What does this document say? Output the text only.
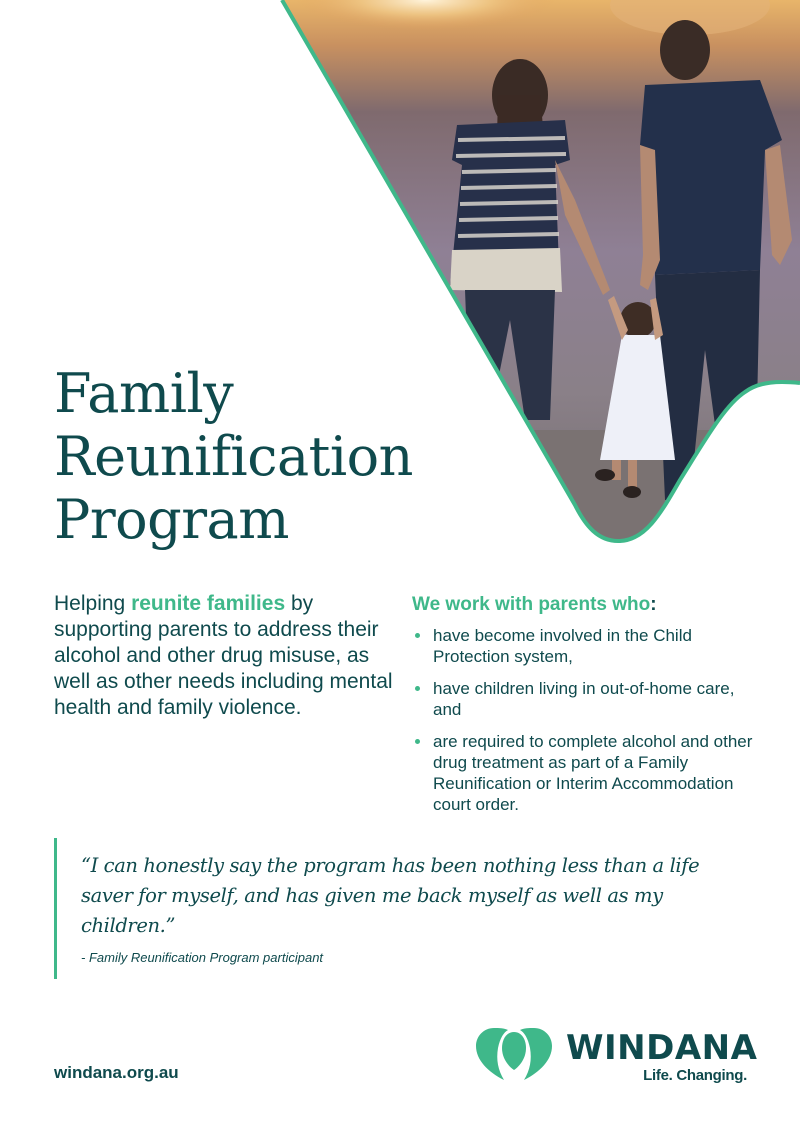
Family
Reunification
Program
Helping reunite families by supporting parents to address their alcohol and other drug misuse, as well as other needs including mental health and family violence.
We work with parents who:
have become involved in the Child Protection system,
have children living in out-of-home care, and
are required to complete alcohol and other drug treatment as part of a Family Reunification or Interim Accommodation court order.

“I can honestly say the program has been nothing less than a life saver for myself, and has given me back myself as well as my children.”

- Family Reunification Program participant
windana.org.au
WINDANA
Life. Changing.
